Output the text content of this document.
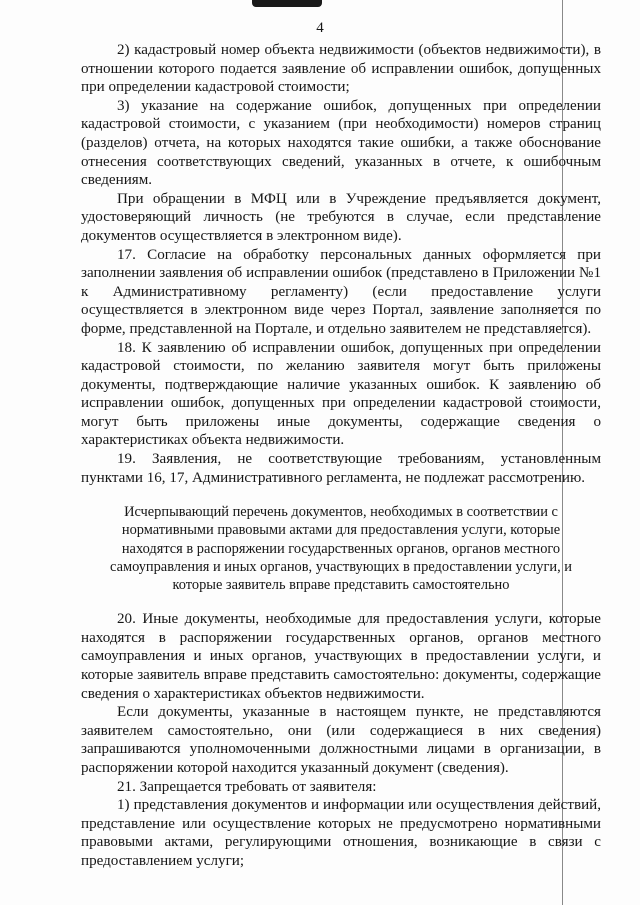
4

2) кадастровый номер объекта недвижимости (объектов недвижимости), в отношении которого подается заявление об исправлении ошибок, допущенных при определении кадастровой стоимости;

3) указание на содержание ошибок, допущенных при определении кадастровой стоимости, с указанием (при необходимости) номеров страниц (разделов) отчета, на которых находятся такие ошибки, а также обоснование отнесения соответствующих сведений, указанных в отчете, к ошибочным сведениям.

При обращении в МФЦ или в Учреждение предъявляется документ, удостоверяющий личность (не требуются в случае, если представление документов осуществляется в электронном виде).

17. Согласие на обработку персональных данных оформляется при заполнении заявления об исправлении ошибок (представлено в Приложении №1 к Административному регламенту) (если предоставление услуги осуществляется в электронном виде через Портал, заявление заполняется по форме, представленной на Портале, и отдельно заявителем не представляется).

18. К заявлению об исправлении ошибок, допущенных при определении кадастровой стоимости, по желанию заявителя могут быть приложены документы, подтверждающие наличие указанных ошибок. К заявлению об исправлении ошибок, допущенных при определении кадастровой стоимости, могут быть приложены иные документы, содержащие сведения о характеристиках объекта недвижимости.

19. Заявления, не соответствующие требованиям, установленным пунктами 16, 17, Административного регламента, не подлежат рассмотрению.

Исчерпывающий перечень документов, необходимых в соответствии с нормативными правовыми актами для предоставления услуги, которые находятся в распоряжении государственных органов, органов местного самоуправления и иных органов, участвующих в предоставлении услуги, и которые заявитель вправе представить самостоятельно

20. Иные документы, необходимые для предоставления услуги, которые находятся в распоряжении государственных органов, органов местного самоуправления и иных органов, участвующих в предоставлении услуги, и которые заявитель вправе представить самостоятельно: документы, содержащие сведения о характеристиках объектов недвижимости.

Если документы, указанные в настоящем пункте, не представляются заявителем самостоятельно, они (или содержащиеся в них сведения) запрашиваются уполномоченными должностными лицами в организации, в распоряжении которой находится указанный документ (сведения).

21. Запрещается требовать от заявителя:

1) представления документов и информации или осуществления действий, представление или осуществление которых не предусмотрено нормативными правовыми актами, регулирующими отношения, возникающие в связи с предоставлением услуги;
